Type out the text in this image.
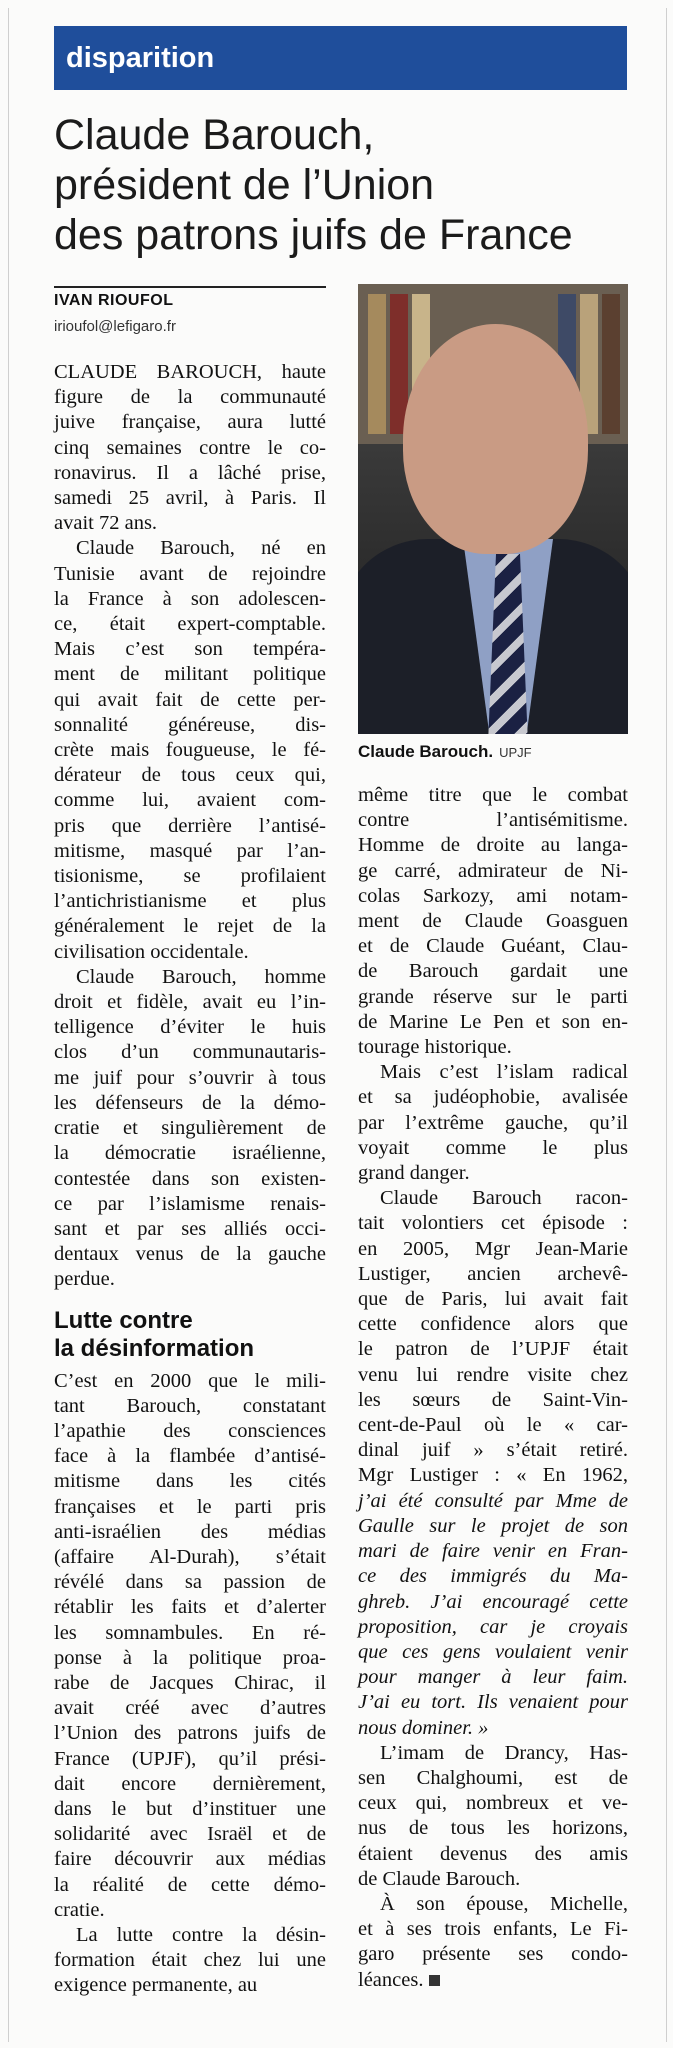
disparition
Claude Barouch,
président de l’Union
des patrons juifs de France
IVAN RIOUFOL
irioufol@lefigaro.fr
Claude Barouch. UPJF
CLAUDE BAROUCH, haute
figure de la communauté
juive française, aura lutté
cinq semaines contre le co-
ronavirus. Il a lâché prise,
samedi 25 avril, à Paris. Il
avait 72 ans.
Claude Barouch, né en
Tunisie avant de rejoindre
la France à son adolescen-
ce, était expert-comptable.
Mais c’est son tempéra-
ment de militant politique
qui avait fait de cette per-
sonnalité généreuse, dis-
crète mais fougueuse, le fé-
dérateur de tous ceux qui,
comme lui, avaient com-
pris que derrière l’antisé-
mitisme, masqué par l’an-
tisionisme, se profilaient
l’antichristianisme et plus
généralement le rejet de la
civilisation occidentale.
Claude Barouch, homme
droit et fidèle, avait eu l’in-
telligence d’éviter le huis
clos d’un communautaris-
me juif pour s’ouvrir à tous
les défenseurs de la démo-
cratie et singulièrement de
la démocratie israélienne,
contestée dans son existen-
ce par l’islamisme renais-
sant et par ses alliés occi-
dentaux venus de la gauche
perdue.
Lutte contre
la désinformation
C’est en 2000 que le mili-
tant Barouch, constatant
l’apathie des consciences
face à la flambée d’antisé-
mitisme dans les cités
françaises et le parti pris
anti-israélien des médias
(affaire Al-Durah), s’était
révélé dans sa passion de
rétablir les faits et d’alerter
les somnambules. En ré-
ponse à la politique proa-
rabe de Jacques Chirac, il
avait créé avec d’autres
l’Union des patrons juifs de
France (UPJF), qu’il prési-
dait encore dernièrement,
dans le but d’instituer une
solidarité avec Israël et de
faire découvrir aux médias
la réalité de cette démo-
cratie.
La lutte contre la désin-
formation était chez lui une
exigence permanente, au
même titre que le combat
contre l’antisémitisme.
Homme de droite au langa-
ge carré, admirateur de Ni-
colas Sarkozy, ami notam-
ment de Claude Goasguen
et de Claude Guéant, Clau-
de Barouch gardait une
grande réserve sur le parti
de Marine Le Pen et son en-
tourage historique.
Mais c’est l’islam radical
et sa judéophobie, avalisée
par l’extrême gauche, qu’il
voyait comme le plus
grand danger.
Claude Barouch racon-
tait volontiers cet épisode :
en 2005, Mgr Jean-Marie
Lustiger, ancien archevê-
que de Paris, lui avait fait
cette confidence alors que
le patron de l’UPJF était
venu lui rendre visite chez
les sœurs de Saint-Vin-
cent-de-Paul où le « car-
dinal juif » s’était retiré.
Mgr Lustiger : « En 1962,
j’ai été consulté par Mme de
Gaulle sur le projet de son
mari de faire venir en Fran-
ce des immigrés du Ma-
ghreb. J’ai encouragé cette
proposition, car je croyais
que ces gens voulaient venir
pour manger à leur faim.
J’ai eu tort. Ils venaient pour
nous dominer. »
L’imam de Drancy, Has-
sen Chalghoumi, est de
ceux qui, nombreux et ve-
nus de tous les horizons,
étaient devenus des amis
de Claude Barouch.
À son épouse, Michelle,
et à ses trois enfants, Le Fi-
garo présente ses condo-
léances.
